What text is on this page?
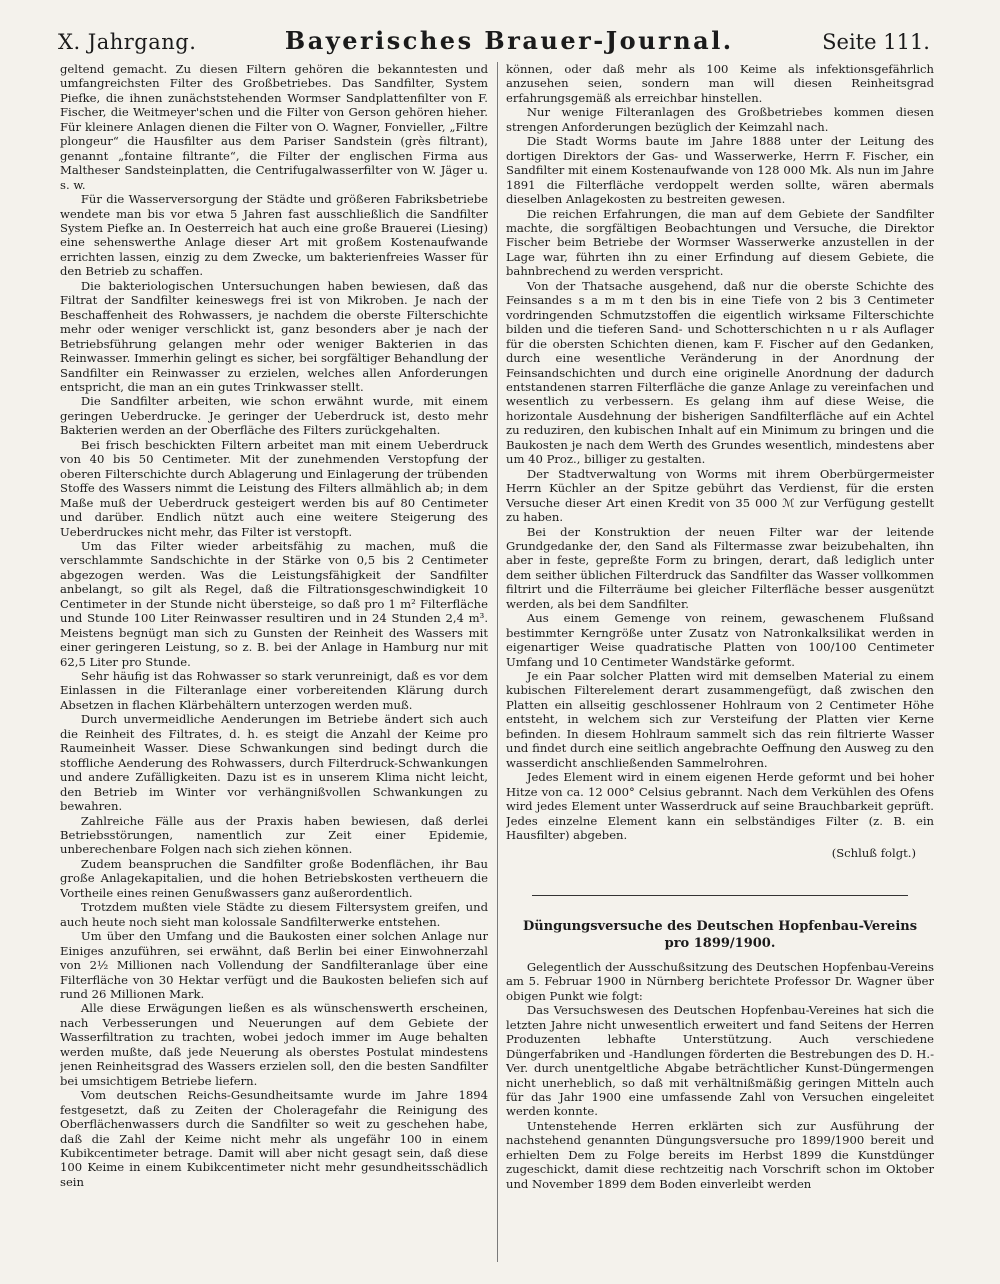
X. Jahrgang.	Bayerisches Brauer-Journal.	Seite 111.

geltend gemacht. Zu diesen Filtern gehören die bekanntesten und umfangreichsten Filter des Großbetriebes. Das Sandfilter, System Piefke, die ihnen zunächststehenden Wormser Sandplattenfilter von F. Fischer, die Weitmeyer'schen und die Filter von Gerson gehören hieher. Für kleinere Anlagen dienen die Filter von O. Wagner, Fonvieller, „Filtre plongeur“ die Hausfilter aus dem Pariser Sandstein (grès filtrant), genannt „fontaine filtrante“, die Filter der englischen Firma aus Maltheser Sandsteinplatten, die Centrifugalwasserfilter von W. Jäger u. s. w.

Für die Wasserversorgung der Städte und größeren Fabriksbetriebe wendete man bis vor etwa 5 Jahren fast ausschließlich die Sandfilter System Piefke an. In Oesterreich hat auch eine große Brauerei (Liesing) eine sehenswerthe Anlage dieser Art mit großem Kostenaufwande errichten lassen, einzig zu dem Zwecke, um bakterienfreies Wasser für den Betrieb zu schaffen.

Die bakteriologischen Untersuchungen haben bewiesen, daß das Filtrat der Sandfilter keineswegs frei ist von Mikroben. Je nach der Beschaffenheit des Rohwassers, je nachdem die oberste Filterschichte mehr oder weniger verschlickt ist, ganz besonders aber je nach der Betriebsführung gelangen mehr oder weniger Bakterien in das Reinwasser. Immerhin gelingt es sicher, bei sorgfältiger Behandlung der Sandfilter ein Reinwasser zu erzielen, welches allen Anforderungen entspricht, die man an ein gutes Trinkwasser stellt.

Die Sandfilter arbeiten, wie schon erwähnt wurde, mit einem geringen Ueberdrucke. Je geringer der Ueberdruck ist, desto mehr Bakterien werden an der Oberfläche des Filters zurückgehalten.

Bei frisch beschickten Filtern arbeitet man mit einem Ueberdruck von 40 bis 50 Centimeter. Mit der zunehmenden Verstopfung der oberen Filterschichte durch Ablagerung und Einlagerung der trübenden Stoffe des Wassers nimmt die Leistung des Filters allmählich ab; in dem Maße muß der Ueberdruck gesteigert werden bis auf 80 Centimeter und darüber. Endlich nützt auch eine weitere Steigerung des Ueberdruckes nicht mehr, das Filter ist verstopft.

Um das Filter wieder arbeitsfähig zu machen, muß die verschlammte Sandschichte in der Stärke von 0,5 bis 2 Centimeter abgezogen werden. Was die Leistungsfähigkeit der Sandfilter anbelangt, so gilt als Regel, daß die Filtrationsgeschwindigkeit 10 Centimeter in der Stunde nicht übersteige, so daß pro 1 m² Filterfläche und Stunde 100 Liter Reinwasser resultiren und in 24 Stunden 2,4 m³. Meistens begnügt man sich zu Gunsten der Reinheit des Wassers mit einer geringeren Leistung, so z. B. bei der Anlage in Hamburg nur mit 62,5 Liter pro Stunde.

Sehr häufig ist das Rohwasser so stark verunreinigt, daß es vor dem Einlassen in die Filteranlage einer vorbereitenden Klärung durch Absetzen in flachen Klärbehältern unterzogen werden muß.

Durch unvermeidliche Aenderungen im Betriebe ändert sich auch die Reinheit des Filtrates, d. h. es steigt die Anzahl der Keime pro Raumeinheit Wasser. Diese Schwankungen sind bedingt durch die stoffliche Aenderung des Rohwassers, durch Filterdruck-Schwankungen und andere Zufälligkeiten. Dazu ist es in unserem Klima nicht leicht, den Betrieb im Winter vor verhängnißvollen Schwankungen zu bewahren.

Zahlreiche Fälle aus der Praxis haben bewiesen, daß derlei Betriebsstörungen, namentlich zur Zeit einer Epidemie, unberechenbare Folgen nach sich ziehen können.

Zudem beanspruchen die Sandfilter große Bodenflächen, ihr Bau große Anlagekapitalien, und die hohen Betriebskosten vertheuern die Vortheile eines reinen Genußwassers ganz außerordentlich.

Trotzdem mußten viele Städte zu diesem Filtersystem greifen, und auch heute noch sieht man kolossale Sandfilterwerke entstehen.

Um über den Umfang und die Baukosten einer solchen Anlage nur Einiges anzuführen, sei erwähnt, daß Berlin bei einer Einwohnerzahl von 2½ Millionen nach Vollendung der Sandfilteranlage über eine Filterfläche von 30 Hektar verfügt und die Baukosten beliefen sich auf rund 26 Millionen Mark.

Alle diese Erwägungen ließen es als wünschenswerth erscheinen, nach Verbesserungen und Neuerungen auf dem Gebiete der Wasserfiltration zu trachten, wobei jedoch immer im Auge behalten werden mußte, daß jede Neuerung als oberstes Postulat mindestens jenen Reinheitsgrad des Wassers erzielen soll, den die besten Sandfilter bei umsichtigem Betriebe liefern.

Vom deutschen Reichs-Gesundheitsamte wurde im Jahre 1894 festgesetzt, daß zu Zeiten der Choleragefahr die Reinigung des Oberflächenwassers durch die Sandfilter so weit zu geschehen habe, daß die Zahl der Keime nicht mehr als ungefähr 100 in einem Kubikcentimeter betrage. Damit will aber nicht gesagt sein, daß diese 100 Keime in einem Kubikcentimeter nicht mehr gesundheitsschädlich sein

können, oder daß mehr als 100 Keime als infektionsgefährlich anzusehen seien, sondern man will diesen Reinheitsgrad erfahrungsgemäß als erreichbar hinstellen.

Nur wenige Filteranlagen des Großbetriebes kommen diesen strengen Anforderungen bezüglich der Keimzahl nach.

Die Stadt Worms baute im Jahre 1888 unter der Leitung des dortigen Direktors der Gas- und Wasserwerke, Herrn F. Fischer, ein Sandfilter mit einem Kostenaufwande von 128 000 Mk. Als nun im Jahre 1891 die Filterfläche verdoppelt werden sollte, wären abermals dieselben Anlagekosten zu bestreiten gewesen.

Die reichen Erfahrungen, die man auf dem Gebiete der Sandfilter machte, die sorgfältigen Beobachtungen und Versuche, die Direktor Fischer beim Betriebe der Wormser Wasserwerke anzustellen in der Lage war, führten ihn zu einer Erfindung auf diesem Gebiete, die bahnbrechend zu werden verspricht.

Von der Thatsache ausgehend, daß nur die oberste Schichte des Feinsandes s a m m t den bis in eine Tiefe von 2 bis 3 Centimeter vordringenden Schmutzstoffen die eigentlich wirksame Filterschichte bilden und die tieferen Sand- und Schotterschichten n u r als Auflager für die obersten Schichten dienen, kam F. Fischer auf den Gedanken, durch eine wesentliche Veränderung in der Anordnung der Feinsandschichten und durch eine originelle Anordnung der dadurch entstandenen starren Filterfläche die ganze Anlage zu vereinfachen und wesentlich zu verbessern. Es gelang ihm auf diese Weise, die horizontale Ausdehnung der bisherigen Sandfilterfläche auf ein Achtel zu reduziren, den kubischen Inhalt auf ein Minimum zu bringen und die Baukosten je nach dem Werth des Grundes wesentlich, mindestens aber um 40 Proz., billiger zu gestalten.

Der Stadtverwaltung von Worms mit ihrem Oberbürgermeister Herrn Küchler an der Spitze gebührt das Verdienst, für die ersten Versuche dieser Art einen Kredit von 35 000 ℳ zur Verfügung gestellt zu haben.

Bei der Konstruktion der neuen Filter war der leitende Grundgedanke der, den Sand als Filtermasse zwar beizubehalten, ihn aber in feste, gepreßte Form zu bringen, derart, daß lediglich unter dem seither üblichen Filterdruck das Sandfilter das Wasser vollkommen filtrirt und die Filterräume bei gleicher Filterfläche besser ausgenützt werden, als bei dem Sandfilter.

Aus einem Gemenge von reinem, gewaschenem Flußsand bestimmter Kerngröße unter Zusatz von Natronkalksilikat werden in eigenartiger Weise quadratische Platten von 100/100 Centimeter Umfang und 10 Centimeter Wandstärke geformt.

Je ein Paar solcher Platten wird mit demselben Material zu einem kubischen Filterelement derart zusammengefügt, daß zwischen den Platten ein allseitig geschlossener Hohlraum von 2 Centimeter Höhe entsteht, in welchem sich zur Versteifung der Platten vier Kerne befinden. In diesem Hohlraum sammelt sich das rein filtrierte Wasser und findet durch eine seitlich angebrachte Oeffnung den Ausweg zu den wasserdicht anschließenden Sammelrohren.

Jedes Element wird in einem eigenen Herde geformt und bei hoher Hitze von ca. 12 000° Celsius gebrannt. Nach dem Verkühlen des Ofens wird jedes Element unter Wasserdruck auf seine Brauchbarkeit geprüft. Jedes einzelne Element kann ein selbständiges Filter (z. B. ein Hausfilter) abgeben.

(Schluß folgt.)

Düngungsversuche des Deutschen Hopfenbau-Vereins
pro 1899/1900.

Gelegentlich der Ausschußsitzung des Deutschen Hopfenbau-Vereins am 5. Februar 1900 in Nürnberg berichtete Professor Dr. Wagner über obigen Punkt wie folgt:

Das Versuchswesen des Deutschen Hopfenbau-Vereines hat sich die letzten Jahre nicht unwesentlich erweitert und fand Seitens der Herren Produzenten lebhafte Unterstützung. Auch verschiedene Düngerfabriken und -Handlungen förderten die Bestrebungen des D. H.-Ver. durch unentgeltliche Abgabe beträchtlicher Kunst-Düngermengen nicht unerheblich, so daß mit verhältnißmäßig geringen Mitteln auch für das Jahr 1900 eine umfassende Zahl von Versuchen eingeleitet werden konnte.

Untenstehende Herren erklärten sich zur Ausführung der nachstehend genannten Düngungsversuche pro 1899/1900 bereit und erhielten Dem zu Folge bereits im Herbst 1899 die Kunstdünger zugeschickt, damit diese rechtzeitig nach Vorschrift schon im Oktober und November 1899 dem Boden einverleibt werden
